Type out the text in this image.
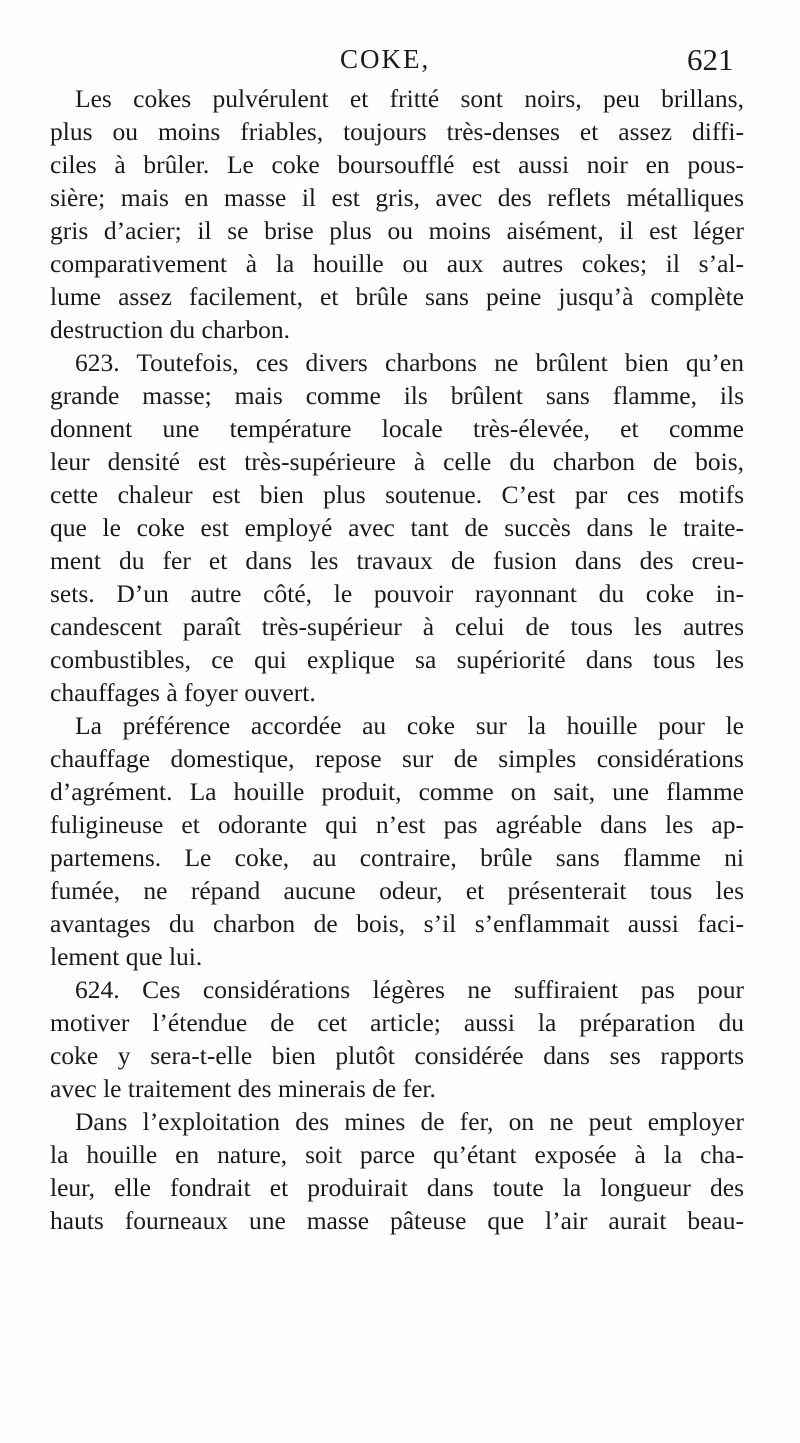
COKE,	621
Les cokes pulvérulent et fritté sont noirs, peu brillans,
plus ou moins friables, toujours très-denses et assez diffi-
ciles à brûler. Le coke boursoufflé est aussi noir en pous-
sière; mais en masse il est gris, avec des reflets métalliques
gris d’acier; il se brise plus ou moins aisément, il est léger
comparativement à la houille ou aux autres cokes; il s’al-
lume assez facilement, et brûle sans peine jusqu’à complète
destruction du charbon.
623. Toutefois, ces divers charbons ne brûlent bien qu’en
grande masse; mais comme ils brûlent sans flamme, ils
donnent une température locale très-élevée, et comme
leur densité est très-supérieure à celle du charbon de bois,
cette chaleur est bien plus soutenue. C’est par ces motifs
que le coke est employé avec tant de succès dans le traite-
ment du fer et dans les travaux de fusion dans des creu-
sets. D’un autre côté, le pouvoir rayonnant du coke in-
candescent paraît très-supérieur à celui de tous les autres
combustibles, ce qui explique sa supériorité dans tous les
chauffages à foyer ouvert.
La préférence accordée au coke sur la houille pour le
chauffage domestique, repose sur de simples considérations
d’agrément. La houille produit, comme on sait, une flamme
fuligineuse et odorante qui n’est pas agréable dans les ap-
partemens. Le coke, au contraire, brûle sans flamme ni
fumée, ne répand aucune odeur, et présenterait tous les
avantages du charbon de bois, s’il s’enflammait aussi faci-
lement que lui.
624. Ces considérations légères ne suffiraient pas pour
motiver l’étendue de cet article; aussi la préparation du
coke y sera-t-elle bien plutôt considérée dans ses rapports
avec le traitement des minerais de fer.
Dans l’exploitation des mines de fer, on ne peut employer
la houille en nature, soit parce qu’étant exposée à la cha-
leur, elle fondrait et produirait dans toute la longueur des
hauts fourneaux une masse pâteuse que l’air aurait beau-
